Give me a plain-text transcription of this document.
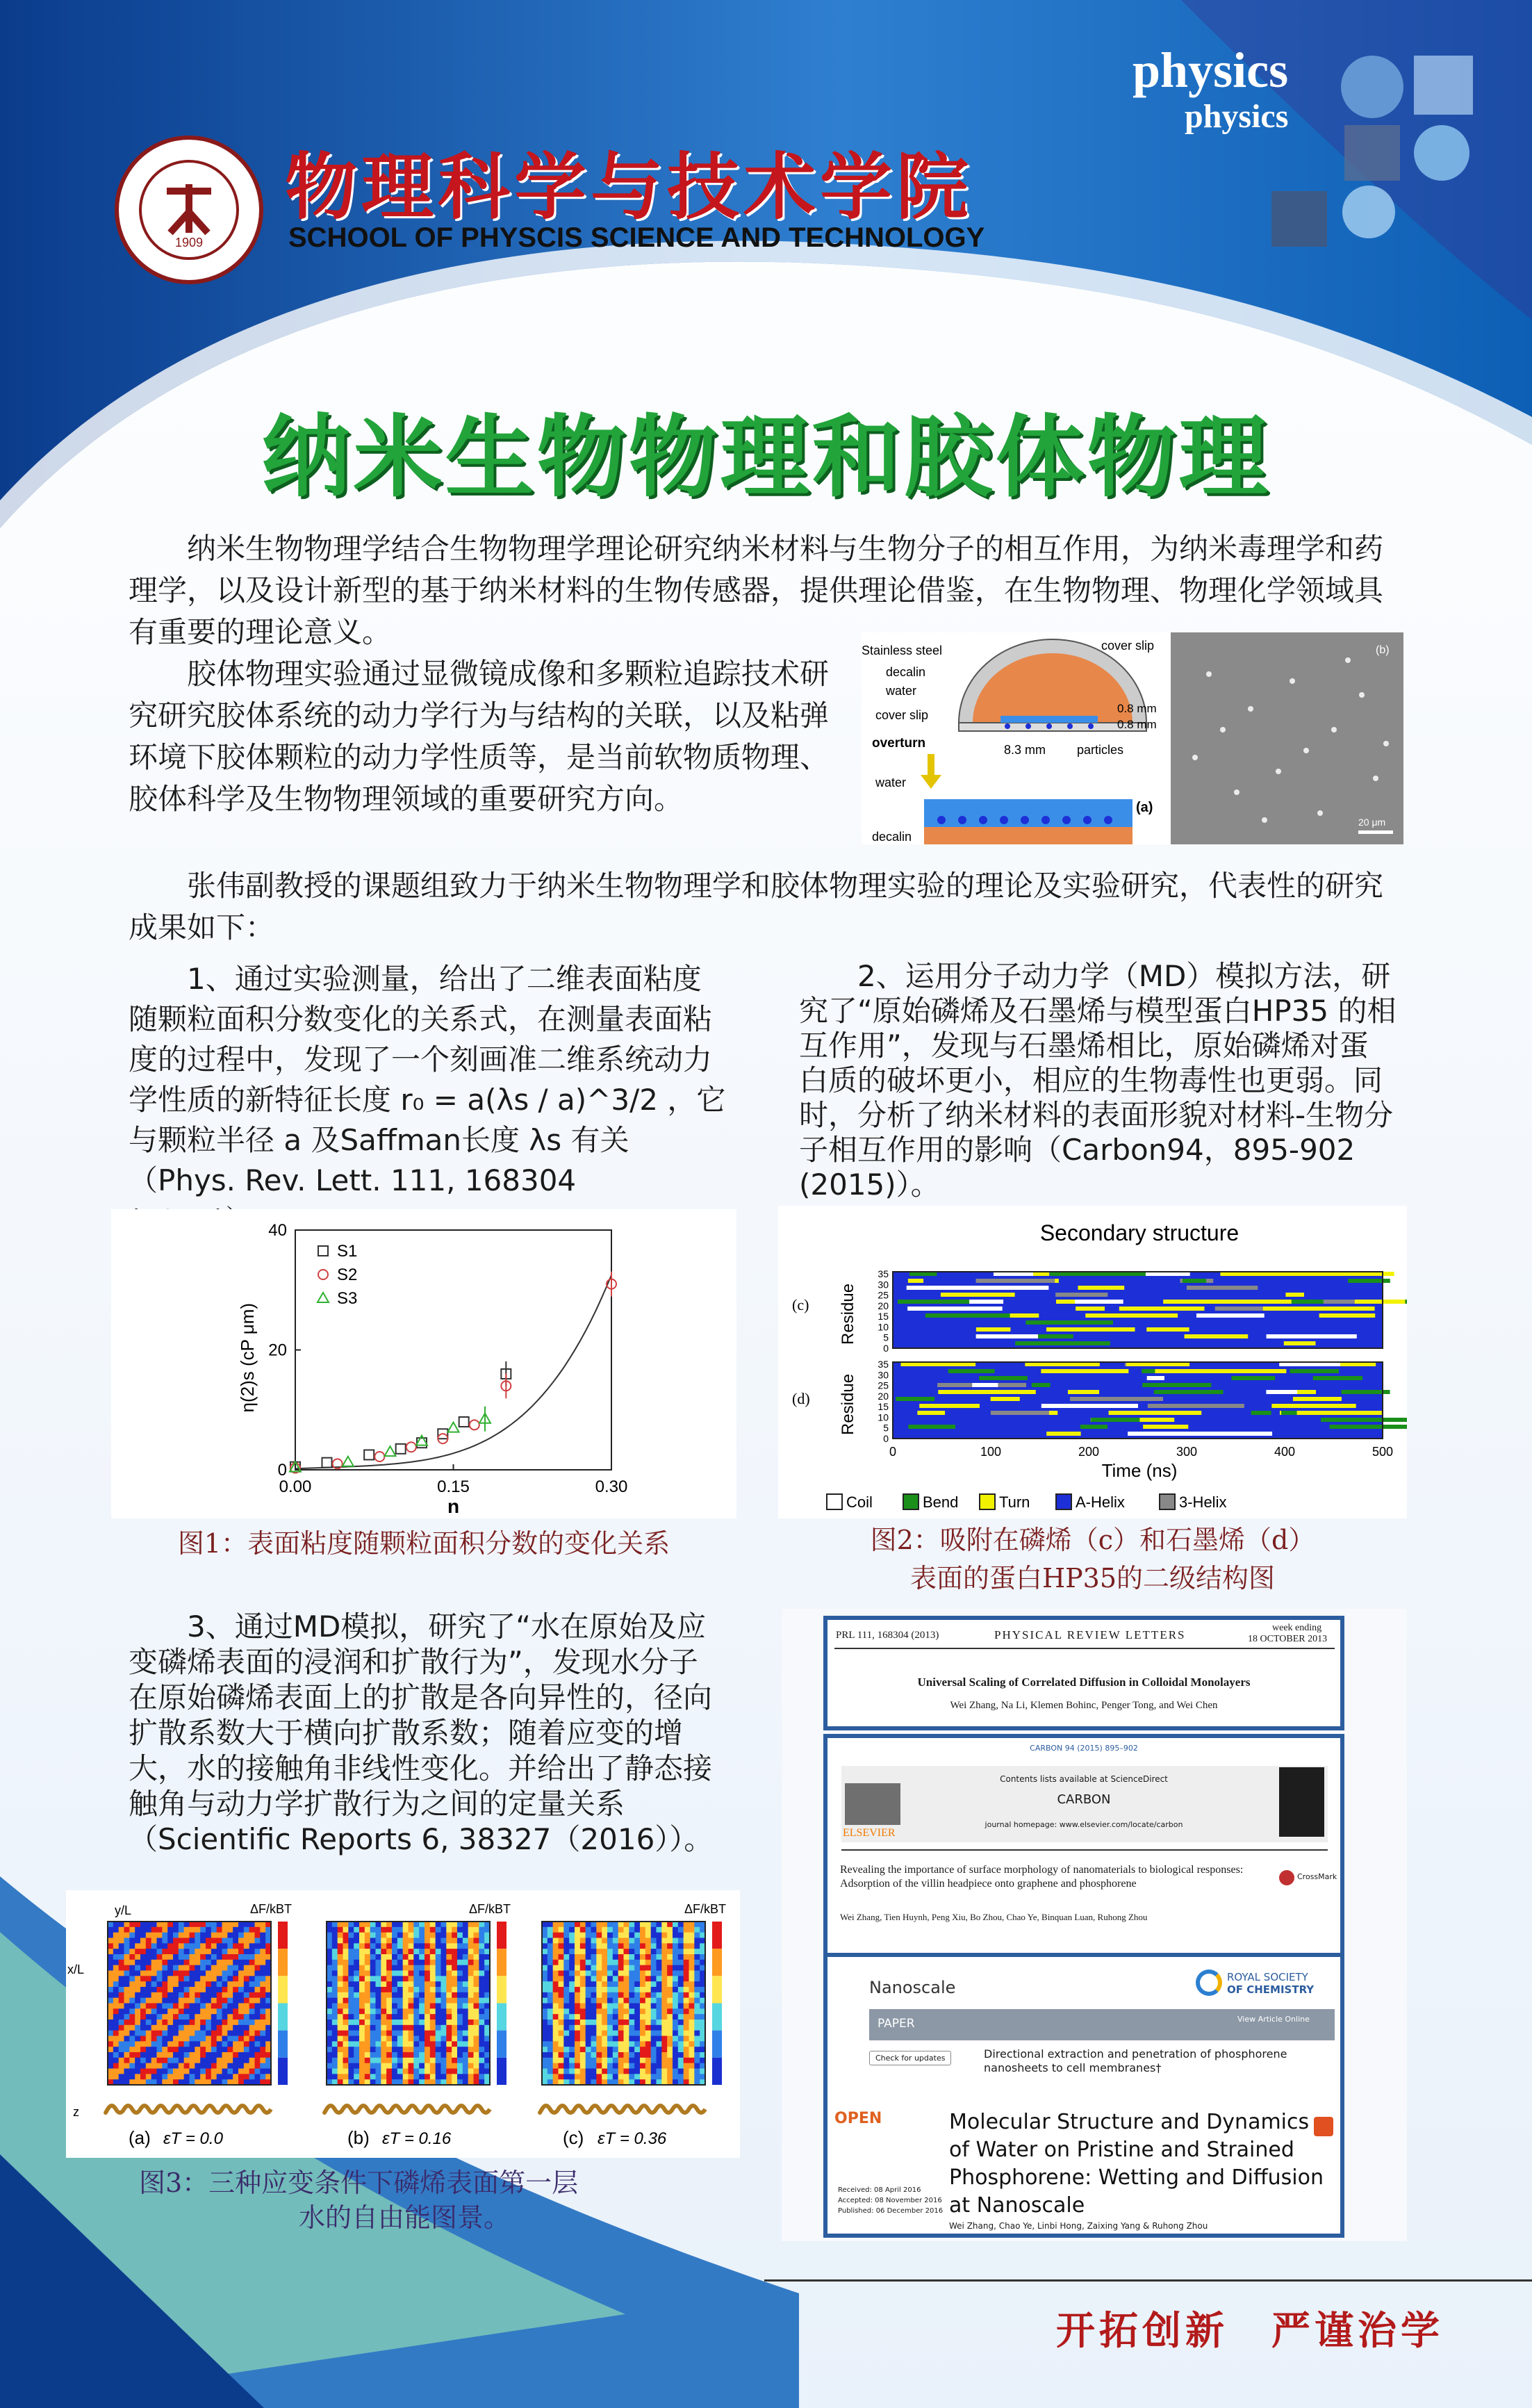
1909
物理科学与技术学院
SCHOOL OF PHYSCIS SCIENCE AND TECHNOLOGY
physics
physics
纳米生物物理和胶体物理

纳米生物物理学结合生物物理学理论研究纳米材料与生物分子的相互作用，为纳米毒理学和药理学，以及设计新型的基于纳米材料的生物传感器，提供理论借鉴，在生物物理、物理化学领域具有重要的理论意义。

胶体物理实验通过显微镜成像和多颗粒追踪技术研究研究胶体系统的动力学行为与结构的关联，以及粘弹环境下胶体颗粒的动力学性质等，是当前软物质物理、胶体科学及生物物理领域的重要研究方向。

张伟副教授的课题组致力于纳米生物物理学和胶体物理实验的理论及实验研究，代表性的研究成果如下：

Stainless steel
decalin
water
cover slip
cover slip
0.8 mm
0.8 mm
8.3 mm particles
overturn
water
decalin
(a)
(b)
20 μm

1、通过实验测量，给出了二维表面粘度随颗粒面积分数变化的关系式，在测量表面粘度的过程中，发现了一个刻画准二维系统动力学性质的新特征长度 r₀ = a(λs / a)^3/2 ，它与颗粒半径 a 及Saffman长度 λs 有关（Phys. Rev. Lett. 111, 168304

2、运用分子动力学（MD）模拟方法，研究了“原始磷烯及石墨烯与模型蛋白HP35 的相互作用”，发现与石墨烯相比，原始磷烯对蛋白质的破坏更小，相应的生物毒性也更弱。同时，分析了纳米材料的表面形貌对材料-生物分子相互作用的影响（Carbon94，895-902 (2015)）。

0.00	0.15	0.30
0
20
40
n
η(2)s (cP μm)
S1
S2
S3
图1：表面粘度随颗粒面积分数的变化关系
Secondary structure
(c)
(d)
Residue
Residue
35
30
25
20
15
10
5
0
35
30
25
20
15
10
5
0
0	100	200	300	400	500
Time (ns)
Coil	Bend	Turn	A-Helix	3-Helix
图2：吸附在磷烯（c）和石墨烯（d）
表面的蛋白HP35的二级结构图

3、通过MD模拟，研究了“水在原始及应变磷烯表面的浸润和扩散行为”，发现水分子在原始磷烯表面上的扩散是各向异性的，径向扩散系数大于横向扩散系数；随着应变的增大，水的接触角非线性变化。并给出了静态接触角与动力学扩散行为之间的定量关系（Scientific Reports 6, 38327（2016））。

ΔF/kBT
(a) εT = 0.0
ΔF/kBT
(b) εT = 0.16
ΔF/kBT
(c) εT = 0.36
y/L
x/L
z
图3：三种应变条件下磷烯表面第一层
水的自由能图景。
PRL 111, 168304 (2013)	PHYSICAL REVIEW LETTERS
week ending
18 OCTOBER 2013
Universal Scaling of Correlated Diffusion in Colloidal Monolayers
Wei Zhang, Na Li, Klemen Bohinc, Penger Tong, and Wei Chen
CARBON 94 (2015) 895–902
ELSEVIER
Contents lists available at ScienceDirect
CARBON
journal homepage: www.elsevier.com/locate/carbon
Revealing the importance of surface morphology of nanomaterials to biological responses: Adsorption of the villin headpiece onto graphene and phosphorene
Wei Zhang, Tien Huynh, Peng Xiu, Bo Zhou, Chao Ye, Binquan Luan, Ruhong Zhou
CrossMark
Nanoscale
ROYAL SOCIETY
OF CHEMISTRY
PAPER	View Article Online
Check for updates	Directional extraction and penetration of phosphorene nanosheets to cell membranes†
OPEN	Molecular Structure and Dynamics of Water on Pristine and Strained Phosphorene: Wetting and Diffusion at Nanoscale
Received: 08 April 2016
Accepted: 08 November 2016
Published: 06 December 2016
Wei Zhang, Chao Ye, Linbi Hong, Zaixing Yang & Ruhong Zhou
开拓创新　严谨治学
